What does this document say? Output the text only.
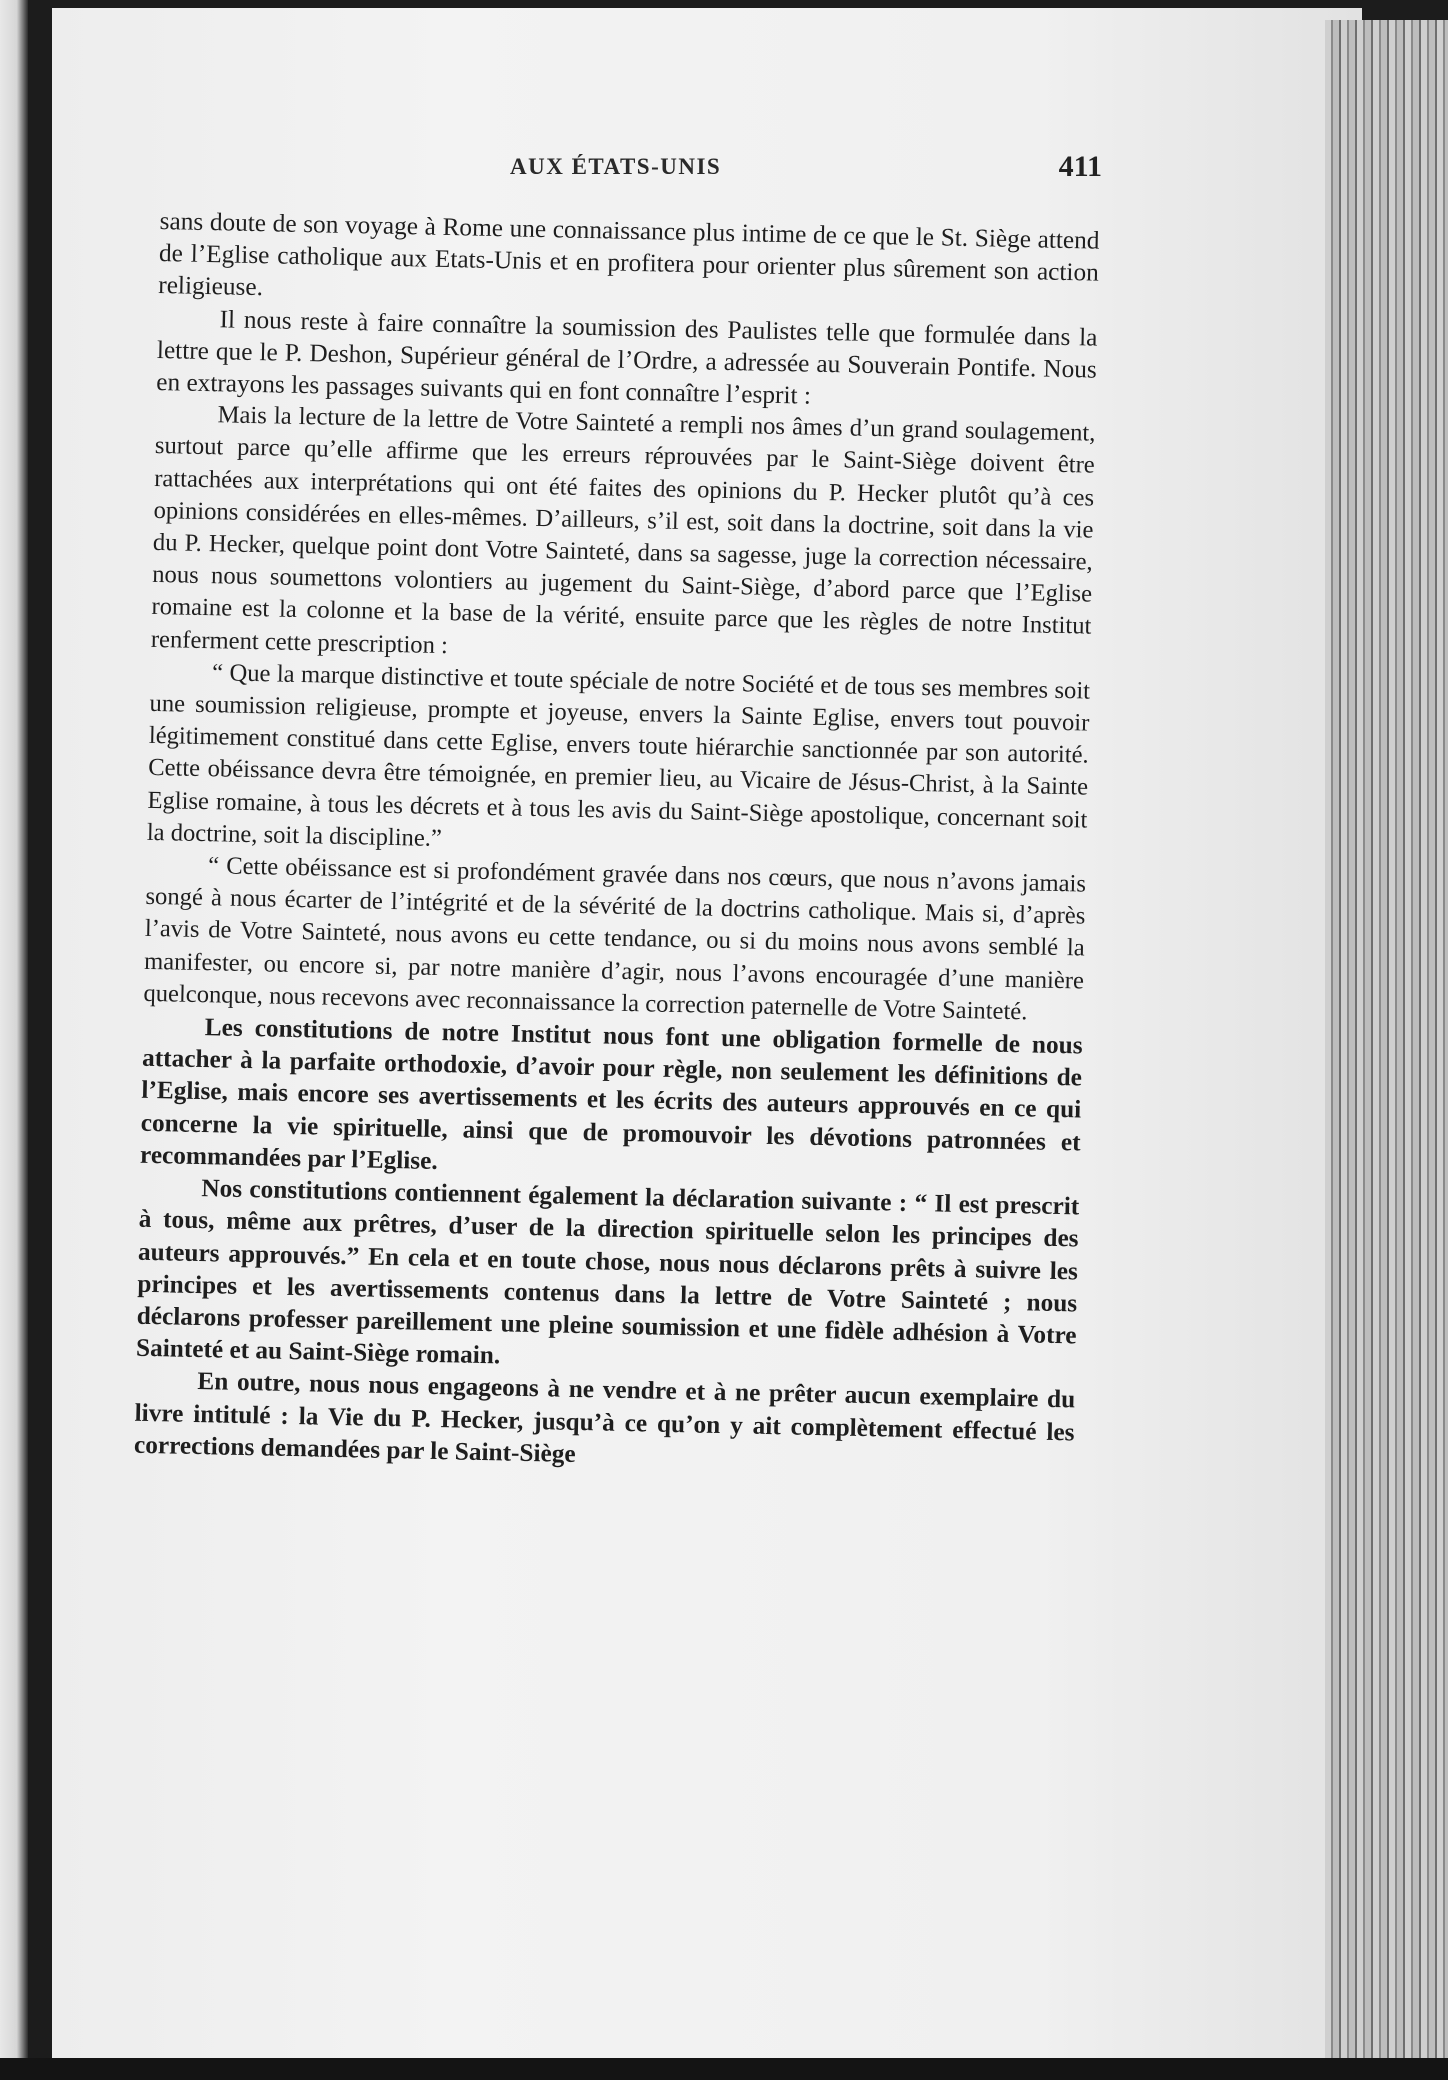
AUX ÉTATS-UNIS	411

sans doute de son voyage à Rome une connaissance plus intime de ce que le St. Siège attend de l’Eglise catholique aux Etats-Unis et en profitera pour orienter plus sûrement son action religieuse.

Il nous reste à faire connaître la soumission des Paulistes telle que formulée dans la lettre que le P. Deshon, Supérieur général de l’Ordre, a adressée au Souverain Pontife. Nous en extrayons les passages suivants qui en font connaître l’esprit :

Mais la lecture de la lettre de Votre Sainteté a rempli nos âmes d’un grand soulagement, surtout parce qu’elle affirme que les erreurs réprouvées par le Saint-Siège doivent être rattachées aux interprétations qui ont été faites des opinions du P. Hecker plutôt qu’à ces opinions considérées en elles-mêmes. D’ailleurs, s’il est, soit dans la doctrine, soit dans la vie du P. Hecker, quelque point dont Votre Sainteté, dans sa sagesse, juge la correction nécessaire, nous nous soumettons volontiers au jugement du Saint-Siège, d’abord parce que l’Eglise romaine est la colonne et la base de la vérité, ensuite parce que les règles de notre Institut renferment cette prescription :

“ Que la marque distinctive et toute spéciale de notre Société et de tous ses membres soit une soumission religieuse, prompte et joyeuse, envers la Sainte Eglise, envers tout pouvoir légitimement constitué dans cette Eglise, envers toute hiérarchie sanctionnée par son autorité. Cette obéissance devra être témoignée, en premier lieu, au Vicaire de Jésus-Christ, à la Sainte Eglise romaine, à tous les décrets et à tous les avis du Saint-Siège apostolique, concernant soit la doctrine, soit la discipline.”

“ Cette obéissance est si profondément gravée dans nos cœurs, que nous n’avons jamais songé à nous écarter de l’intégrité et de la sévérité de la doctrins catholique. Mais si, d’après l’avis de Votre Sainteté, nous avons eu cette tendance, ou si du moins nous avons semblé la manifester, ou encore si, par notre manière d’agir, nous l’avons encouragée d’une manière quelconque, nous recevons avec reconnaissance la correction paternelle de Votre Sainteté.

Les constitutions de notre Institut nous font une obligation formelle de nous attacher à la parfaite orthodoxie, d’avoir pour règle, non seulement les définitions de l’Eglise, mais encore ses avertissements et les écrits des auteurs approuvés en ce qui concerne la vie spirituelle, ainsi que de promouvoir les dévotions patronnées et recommandées par l’Eglise.

Nos constitutions contiennent également la déclaration suivante : “ Il est prescrit à tous, même aux prêtres, d’user de la direction spirituelle selon les principes des auteurs approuvés.” En cela et en toute chose, nous nous déclarons prêts à suivre les principes et les avertissements contenus dans la lettre de Votre Sainteté ; nous déclarons professer pareillement une pleine soumission et une fidèle adhésion à Votre Sainteté et au Saint-Siège romain.

En outre, nous nous engageons à ne vendre et à ne prêter aucun exemplaire du livre intitulé : la Vie du P. Hecker, jusqu’à ce qu’on y ait complètement effectué les corrections demandées par le Saint-Siège
